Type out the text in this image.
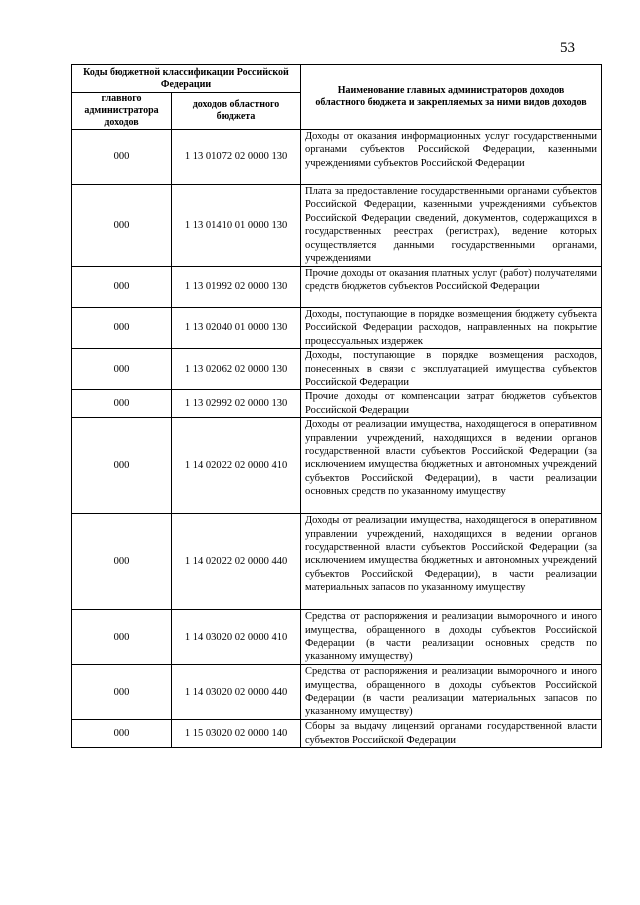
53
Коды бюджетной классификации Российской Федерации		Наименование главных администраторов доходов областного бюджета и закрепляемых за ними видов доходов
главного администратора доходов	доходов областного бюджета	
000	1 13 01072 02 0000 130	Доходы от оказания информационных услуг государственными органами субъектов Российской Федерации, казенными учреждениями субъектов Российской Федерации
000	1 13 01410 01 0000 130	Плата за предоставление государственными органами субъектов Российской Федерации, казенными учреждениями субъектов Российской Федерации сведений, документов, содержащихся в государственных реестрах (регистрах), ведение которых осуществляется данными государственными органами, учреждениями
000	1 13 01992 02 0000 130	Прочие доходы от оказания платных услуг (работ) получателями средств бюджетов субъектов Российской Федерации
000	1 13 02040 01 0000 130	Доходы, поступающие в порядке возмещения бюджету субъекта Российской Федерации расходов, направленных на покрытие процессуальных издержек
000	1 13 02062 02 0000 130	Доходы, поступающие в порядке возмещения расходов, понесенных в связи с эксплуатацией имущества субъектов Российской Федерации
000	1 13 02992 02 0000 130	Прочие доходы от компенсации затрат бюджетов субъектов Российской Федерации
000	1 14 02022 02 0000 410	Доходы от реализации имущества, находящегося в оперативном управлении учреждений, находящихся в ведении органов государственной власти субъектов Российской Федерации (за исключением имущества бюджетных и автономных учреждений субъектов Российской Федерации), в части реализации основных средств по указанному имуществу
000	1 14 02022 02 0000 440	Доходы от реализации имущества, находящегося в оперативном управлении учреждений, находящихся в ведении органов государственной власти субъектов Российской Федерации (за исключением имущества бюджетных и автономных учреждений субъектов Российской Федерации), в части реализации материальных запасов по указанному имуществу
000	1 14 03020 02 0000 410	Средства от распоряжения и реализации выморочного и иного имущества, обращенного в доходы субъектов Российской Федерации (в части реализации основных средств по указанному имуществу)
000	1 14 03020 02 0000 440	Средства от распоряжения и реализации выморочного и иного имущества, обращенного в доходы субъектов Российской Федерации (в части реализации материальных запасов по указанному имуществу)
000	1 15 03020 02 0000 140	Сборы за выдачу лицензий органами государственной власти субъектов Российской Федерации
